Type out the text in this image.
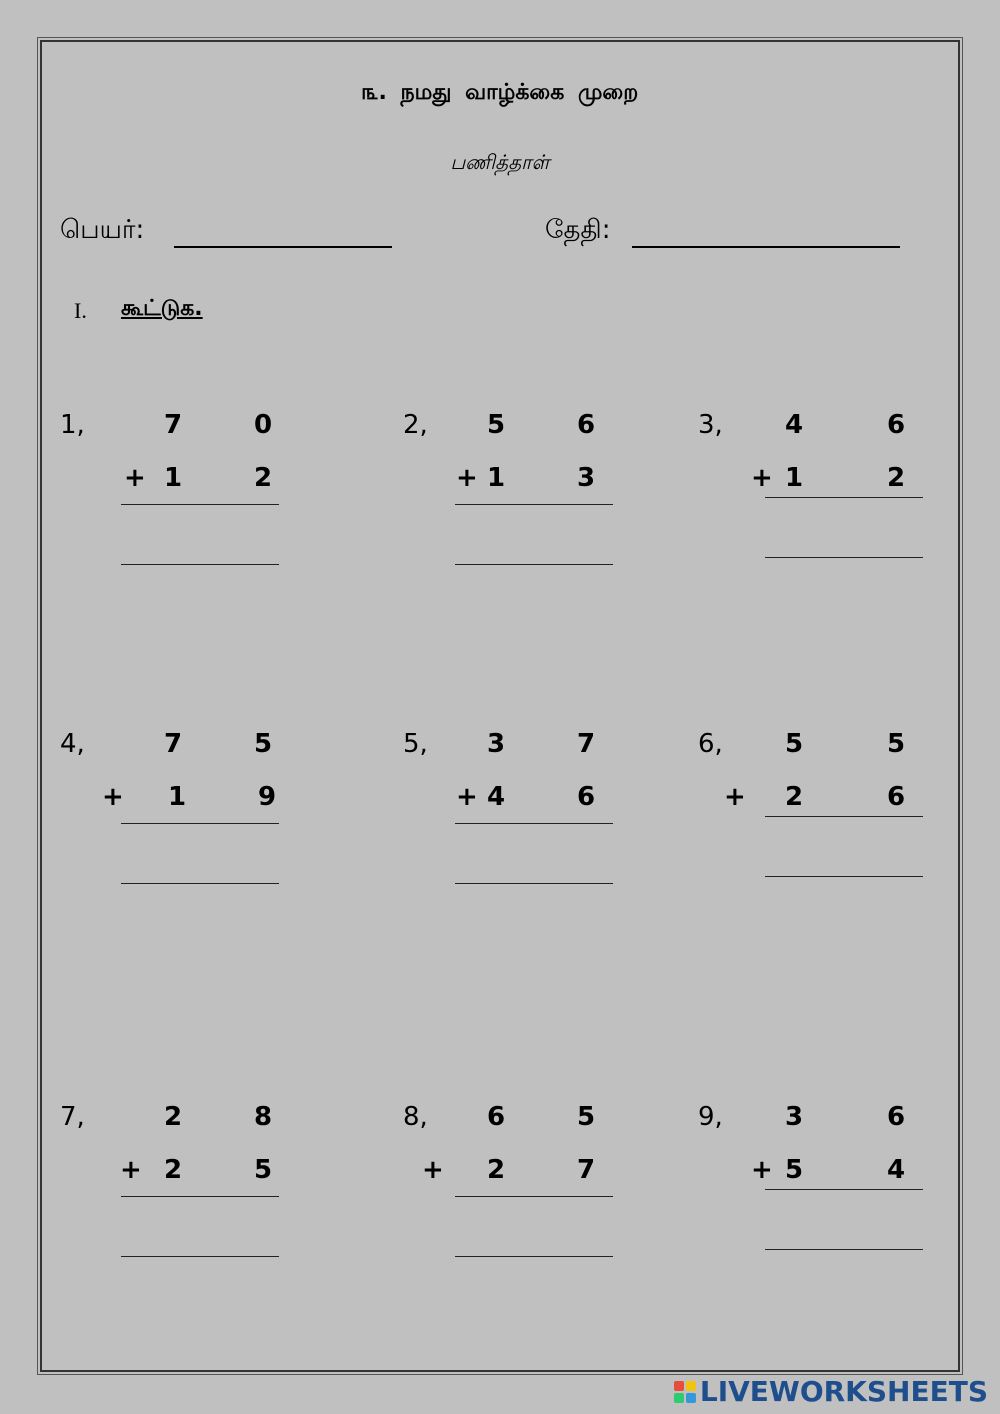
௩. நமது வாழ்க்கை முறை
பணித்தாள்
பெயர்:	தேதி:
I. கூட்டுக.
1,	7	0
+ 1	2
2, 5	6
+ 1	3
3, 4	6
+ 1	2
4,	7	5
+ 1	9
5, 3	7
+ 4	6
6, 5	5
+ 2	6
7,	2	8
+ 2	5
8, 6	5
+ 2	7
9, 3	6
+ 5	4
LIVEWORKSHEETS
